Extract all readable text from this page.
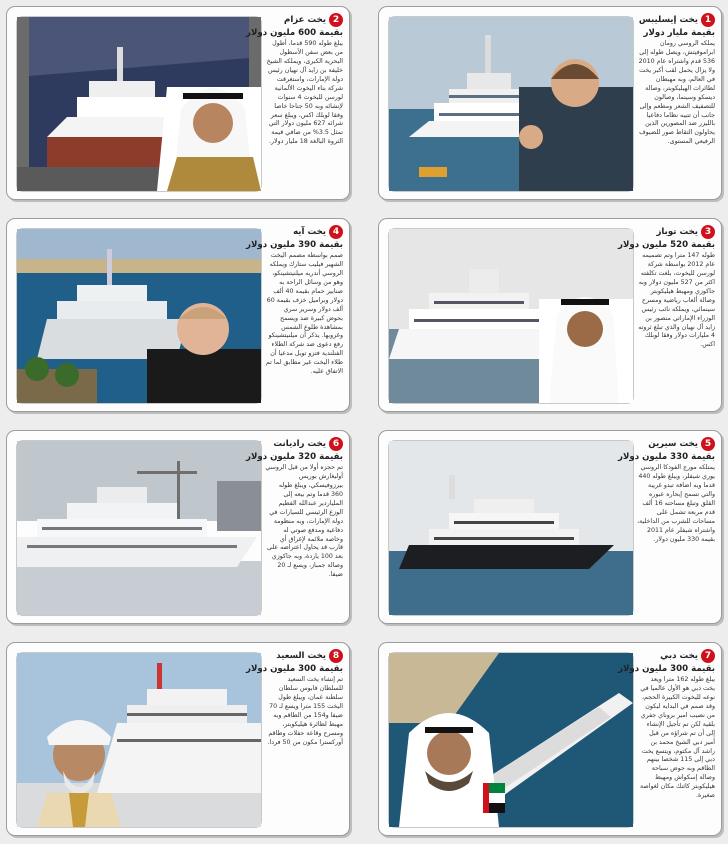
1
يخت إيسليبس
بقيمة مليار دولار
يملكه الروسي رومان ابراموفيتش، ويصل طوله إلى 536 قدم واشتراه عام 2010 ولا يزال يحمل لقب أكبر يخت في العالم، وبه مهبطان لطائرات الهيليكوبتر، وصالة ديسكو وسينما، وصالون للتصفيف الشعر ومطعم وإلى جانب أن تتيبه نظاما دفاعيا بالليزر ضد المصورين الذين يحاولون التقاط صور للضيوف الرفيعي المستوى.
2
يخت عزام
بقيمة 600 مليون دولار
يبلغ طوله 590 قدما، أطول من بعض سفن الأسطول البحرية الكبرى، ويملكه الشيخ خليفة بن زايد آل نهيان رئيس دولة الإمارات، واستغرقت شركة بناء اليخوت الألمانية لورسن لليخوت 4 سنوات لإنشائه وبه 50 جناحا خاصا وفقا لوبلك اكس، ويبلغ سعر شرائه 627 مليون دولار التي تمثل 3.5% من صافي قيمة الثروة البالغة 18 مليار دولار.
3
يخت توباز
بقيمة 520 مليون دولار
طوله 147 مترا وتم تصميمه عام 2012 بواسطة شركة لورسن لليخوت، بلغت تكلفته اكثر من 527 مليون دولار وبه جاكوزي ومهبط هيليكوبتر وصالة ألعاب رياضية ومسرح سينمائي، ويملكه نائب رئيس الوزراء الإماراتي منصور بن زايد آل نهيان والذي تبلغ ثروته 4 مليارات دولار وفقا لوبلك اكس.
4
يخت آيه
بقيمة 390 مليون دولار
صمم بواسطة مصمم اليخت الشهير فيليب ستارك ويملكه الروسي أندريه ميلنيتشينكو، وهو من وسائل الراحة به صنابير حمام بقيمة 40 ألف دولار وبراميل خزف بقيمة 60 ألف دولار وسرير سري بحوض كبيرة ضد ويسمح بمشاهدة طلوع الشمس وغروبها. يذكر أن ميلنيتشينكو رفع دعوى ضد شركة الطلاء الفنلندية فتزو تويل مدعيا أن طلاء اليخت غير مطابق لما تم الاتفاق عليه.
5
يخت سيرين
بقيمة 330 مليون دولار
يمتلكه مورج الفودكا الروسي يوري شيفلر، ويبلغ طوله 440 قدما وبه اضافة تبدو غريبة والتي تسمح إبحاره عبوره القلق وتبلغ مساحته 16 ألف قدم مربعة تشمل على مساحات للشرب من الداخلية، واشتراه شيفلر عام 2011 بقيمة 330 مليون دولار.
6
يخت راديانت
بقيمة 320 مليون دولار
تم حجزه أولا من قبل الروسي أوليغارش بوريس بيرزوفيسكي، ويبلغ طوله 360 قدما وتم بيعه إلى الملياردير عبدالله الفطيم الوزع الرئيسي للسيارات في دولة الإمارات، وبه منظومة دفاعية ومدفع صوتي له وخاصة ملائمة لإغراق أي قارب قد يحاول اعتراضه على بعد 100 ياردة، وبه جاكوزي وصالة جمباز، ويسع لـ 20 ضيفا.
7
يخت دبي
بقيمة 300 مليون دولار
يبلغ طوله 162 مترا ويعد يخت دبي هو الأول عالميا في نوعه لليخوت الكبيرة الحجم، وقد صمم في البداية ليكون من نصيب امير بروناي جفري بلقية لكن تم تأجيل الإنشاء إلى أن تم شراؤه من قبل أمير دبي الشيخ محمد بن راشد آل مكتوم، ويتسع يخت دبي إلى 115 شخصا بينهم الطاقم وبه حوض سباحة وصالة إسكواش ومهبط هيليكوبتر كاثنك مكان لغواصة صغيرة.
8
يخت السعيد
بقيمة 300 مليون دولار
تم إنشاء يخت السعيد للسلطان قابوس سلطان سلطنة عمان، ويبلغ طول اليخت 155 مترا ويسع لـ 70 ضيفا و154 من الطاقم وبه مهبط لطائرة هيليكوبتر، ومسرح وقاعة حفلات وطاقم أوركسترا مكون من 50 فردا.
